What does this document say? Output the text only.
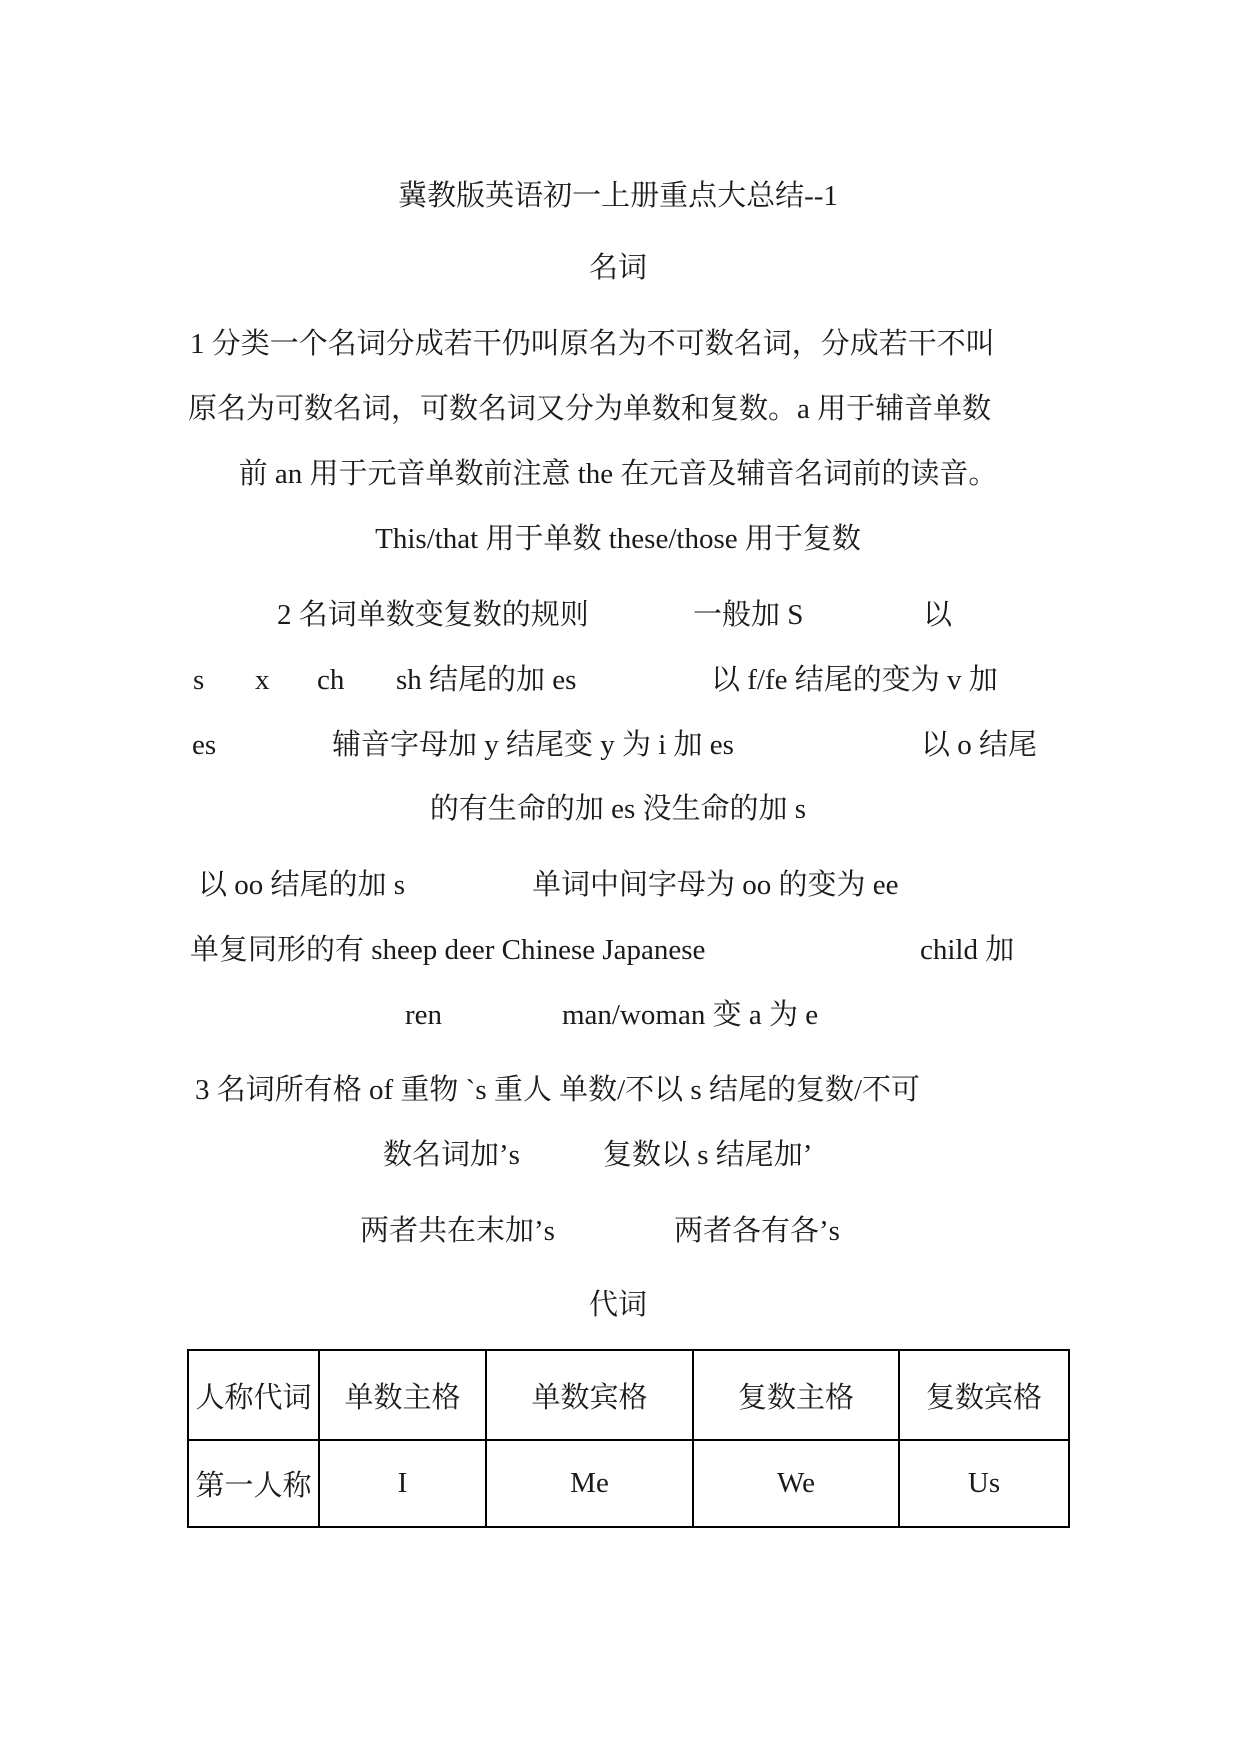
冀教版英语初一上册重点大总结--1
名词
1 分类一个名词分成若干仍叫原名为不可数名词，分成若干不叫
原名为可数名词，可数名词又分为单数和复数。a 用于辅音单数
前 an 用于元音单数前注意 the 在元音及辅音名词前的读音。
This/that 用于单数 these/those 用于复数
2 名词单数变复数的规则	一般加 S	以
s x ch sh 结尾的加 es	以 f/fe 结尾的变为 v 加
es	辅音字母加 y 结尾变 y 为 i 加 es	以 o 结尾
的有生命的加 es 没生命的加 s
以 oo 结尾的加 s	单词中间字母为 oo 的变为 ee
单复同形的有 sheep deer Chinese Japanese	child 加
ren	man/woman 变 a 为 e
3 名词所有格 of 重物 `s 重人 单数/不以 s 结尾的复数/不可
数名词加’s	复数以 s 结尾加’
两者共在末加’s	两者各有各’s
代词
人称代词	单数主格	单数宾格	复数主格	复数宾格
第一人称	I	Me	We	Us
